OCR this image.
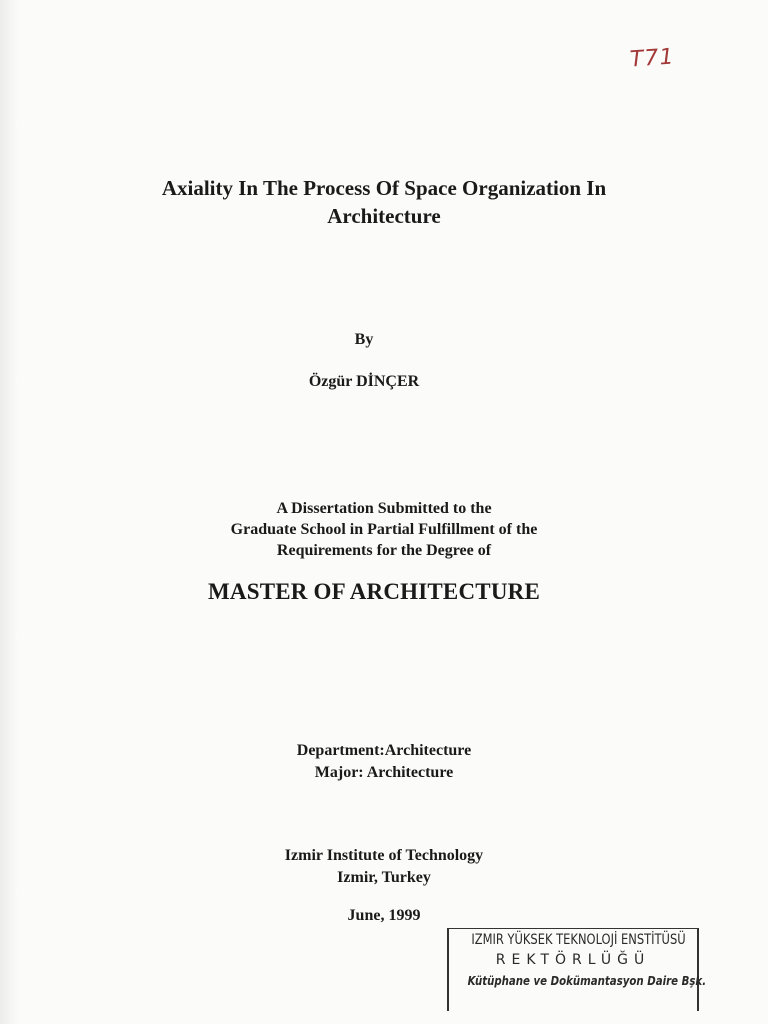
T71
Axiality In The Process Of Space Organization In
Architecture
By
Özgür DİNÇER
A Dissertation Submitted to the
Graduate School in Partial Fulfillment of the
Requirements for the Degree of
MASTER OF ARCHITECTURE
Department:Architecture
Major: Architecture
Izmir Institute of Technology
Izmir, Turkey
June, 1999
IZMIR YÜKSEK TEKNOLOJİ ENSTİTÜSÜ
REKTÖRLÜĞÜ
Kütüphane ve Dokümantasyon Daire Bşk.
